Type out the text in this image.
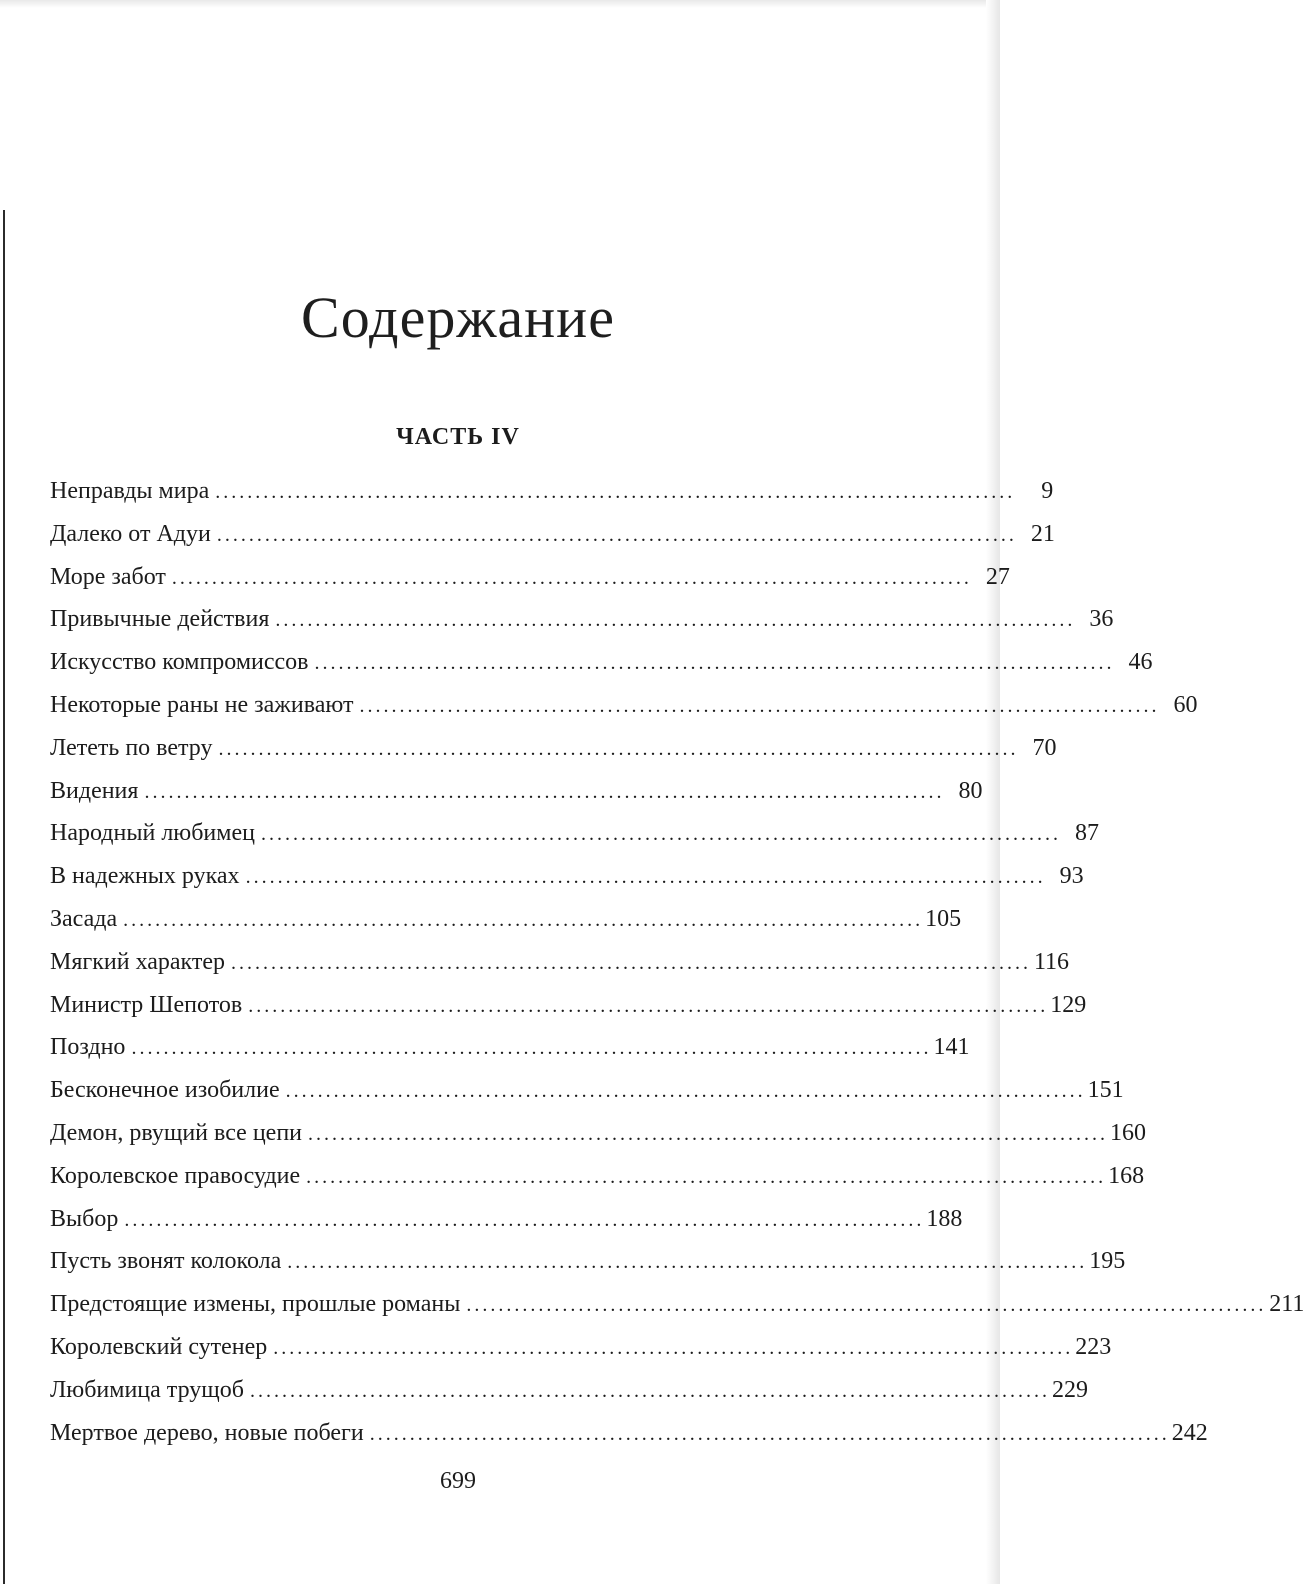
Содержание
ЧАСТЬ IV
Неправды мира ....................................................................................................	9
Далеко от Адуи .................................................................................................... 21
Море забот .................................................................................................... 27
Привычные действия .................................................................................................... 36
Искусство компромиссов .................................................................................................... 46
Некоторые раны не заживают .................................................................................................... 60
Лететь по ветру .................................................................................................... 70
Видения .................................................................................................... 80
Народный любимец .................................................................................................... 87
В надежных руках .................................................................................................... 93
Засада .................................................................................................... 105
Мягкий характер .................................................................................................... 116
Министр Шепотов .................................................................................................... 129
Поздно .................................................................................................... 141
Бесконечное изобилие .................................................................................................... 151
Демон, рвущий все цепи .................................................................................................... 160
Королевское правосудие .................................................................................................... 168
Выбор .................................................................................................... 188
Пусть звонят колокола .................................................................................................... 195
Предстоящие измены, прошлые романы .................................................................................................... 211
Королевский сутенер .................................................................................................... 223
Любимица трущоб .................................................................................................... 229
Мертвое дерево, новые побеги .................................................................................................... 242
699
